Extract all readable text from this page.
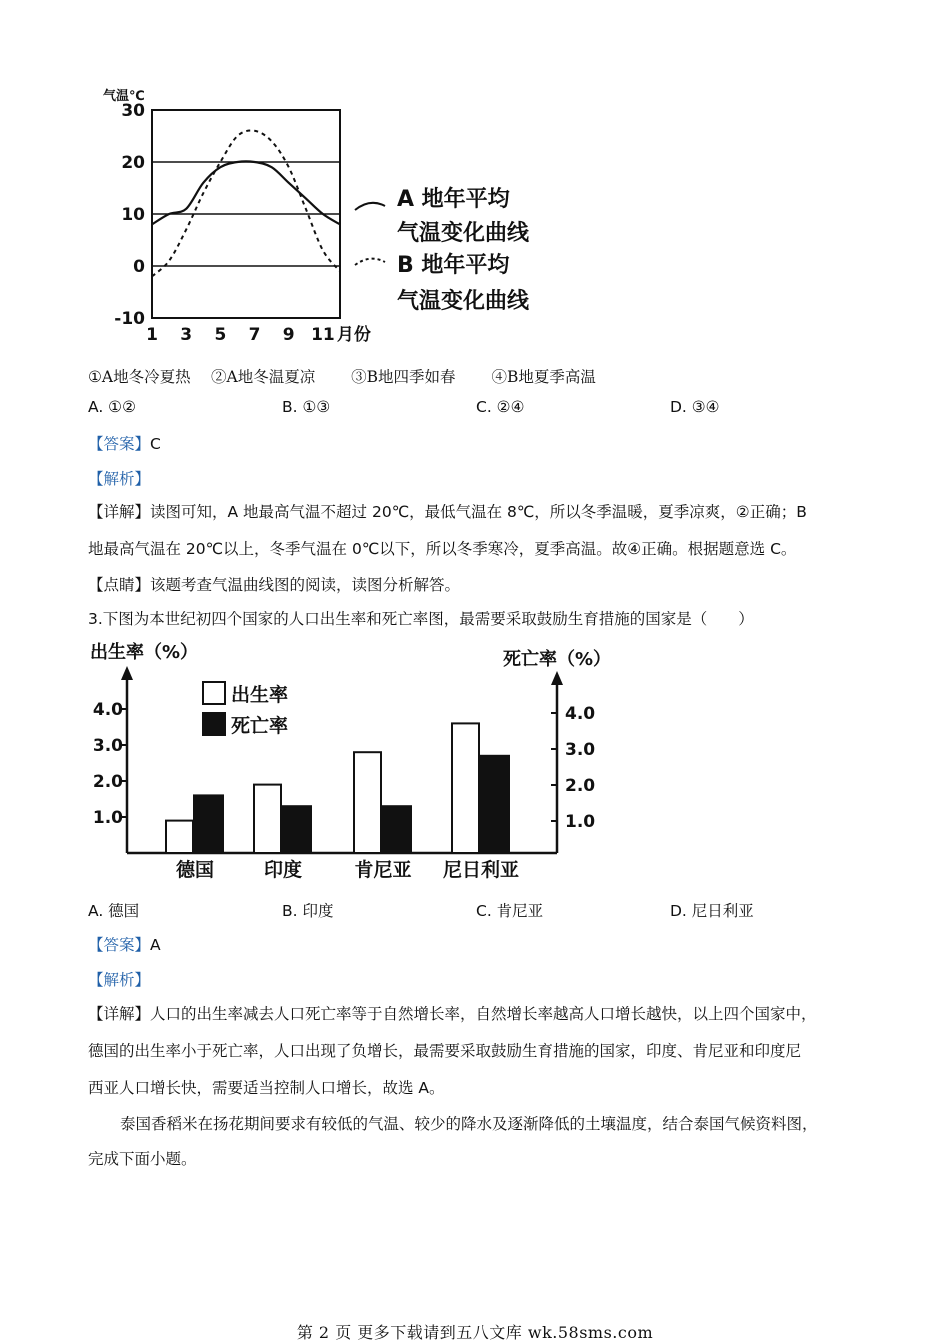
气温℃
30
20
10
0
-10
1 3 5 7 9 11 月份
A 地年平均
气温变化曲线
B 地年平均
气温变化曲线
①A地冬冷夏热 　②A地冬温夏凉 　　③B地四季如春 　　④B地夏季高温
A. ①②	B. ①③	C. ②④	D. ③④
【答案】C
【解析】
【详解】读图可知，A 地最高气温不超过 20℃，最低气温在 8℃，所以冬季温暖，夏季凉爽，②正确；B
地最高气温在 20℃以上，冬季气温在 0℃以下，所以冬季寒冷，夏季高温。故④正确。根据题意选 C。
【点睛】该题考查气温曲线图的阅读，读图分析解答。
3.下图为本世纪初四个国家的人口出生率和死亡率图，最需要采取鼓励生育措施的国家是（　　）
出生率（%）	死亡率（%）
1.0	1.0
2.0	2.0
3.0	3.0
4.0	4.0
德国	印度	肯尼亚 尼日利亚
出生率
死亡率
A. 德国	B. 印度	C. 肯尼亚	D. 尼日利亚
【答案】A
【解析】
【详解】人口的出生率减去人口死亡率等于自然增长率，自然增长率越高人口增长越快，以上四个国家中，
德国的出生率小于死亡率，人口出现了负增长，最需要采取鼓励生育措施的国家，印度、肯尼亚和印度尼
西亚人口增长快，需要适当控制人口增长，故选 A。
泰国香稻米在扬花期间要求有较低的气温、较少的降水及逐渐降低的土壤温度，结合泰国气候资料图，
完成下面小题。
第 2 页 更多下载请到五八文库 wk.58sms.com
